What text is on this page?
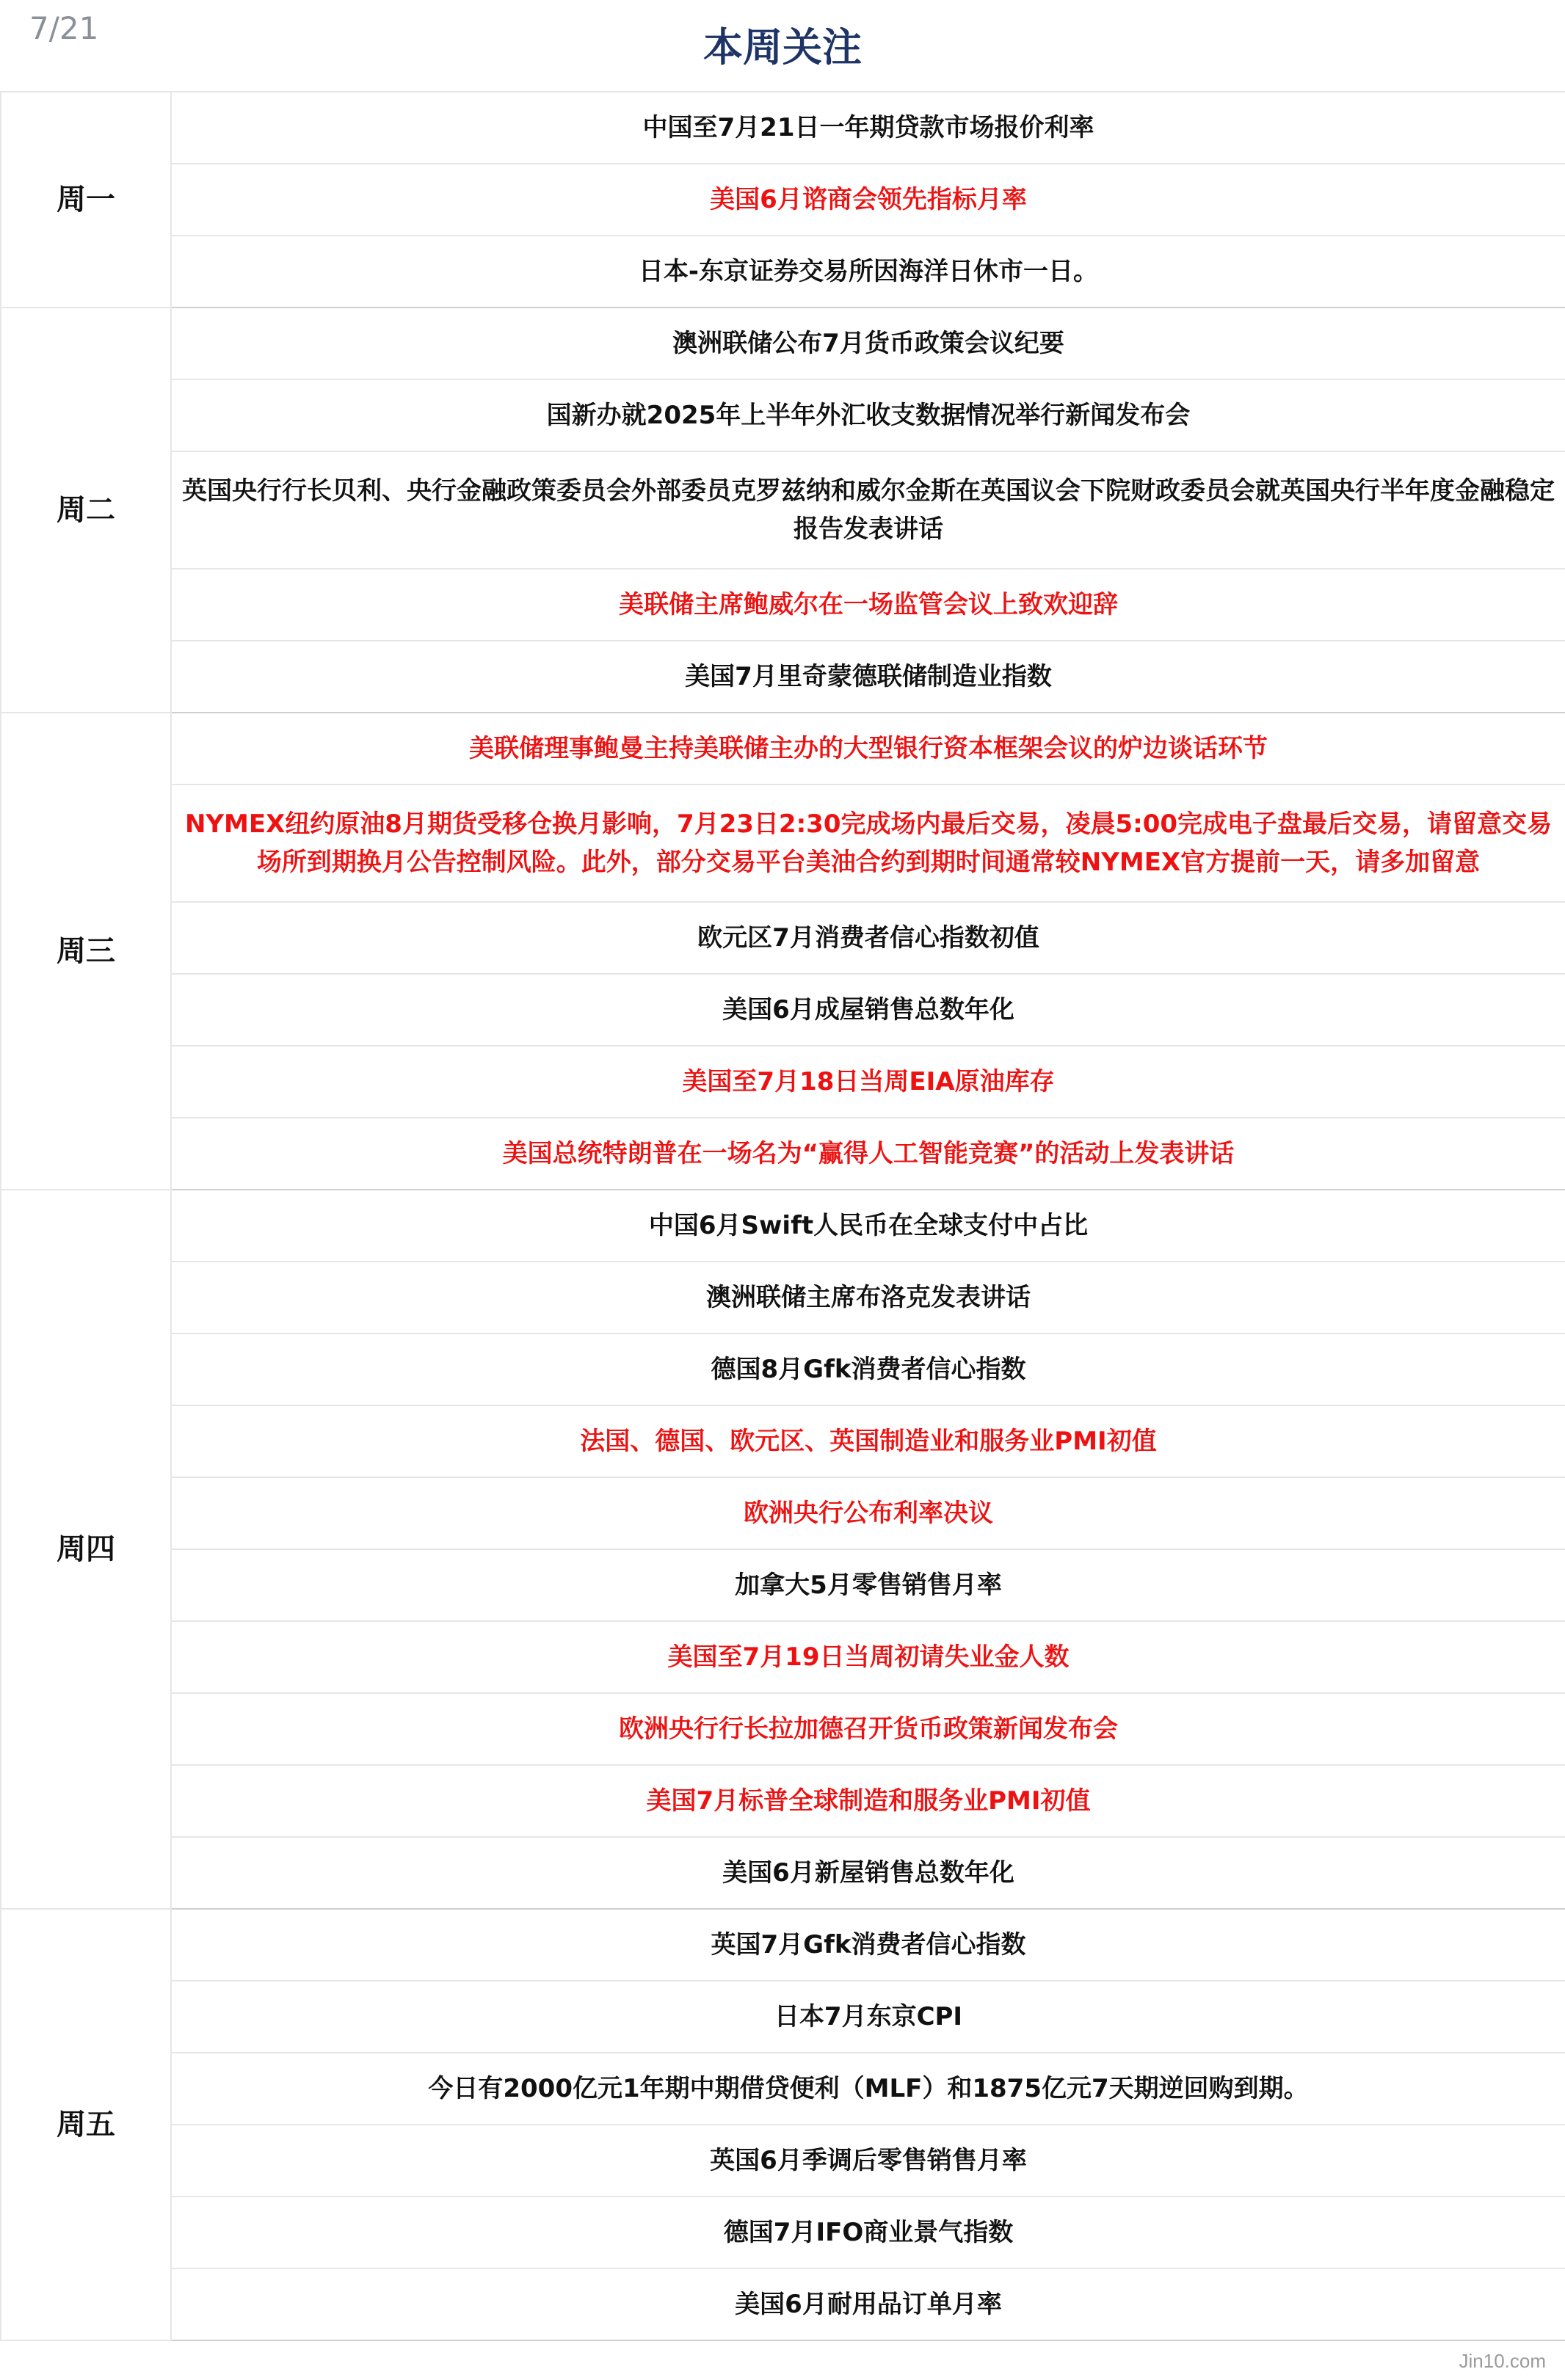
7/21	本周关注
周一	中国至7月21日一年期贷款市场报价利率
	美国6月谘商会领先指标月率
	日本-东京证券交易所因海洋日休市一日。
周二	澳洲联储公布7月货币政策会议纪要
	国新办就2025年上半年外汇收支数据情况举行新闻发布会
	英国央行行长贝利、央行金融政策委员会外部委员克罗兹纳和威尔金斯在英国议会下院财政委员会就英国央行半年度金融稳定报告发表讲话
	美联储主席鲍威尔在一场监管会议上致欢迎辞
	美国7月里奇蒙德联储制造业指数
周三	美联储理事鲍曼主持美联储主办的大型银行资本框架会议的炉边谈话环节
	NYMEX纽约原油8月期货受移仓换月影响，7月23日2:30完成场内最后交易，凌晨5:00完成电子盘最后交易，请留意交易场所到期换月公告控制风险。此外，部分交易平台美油合约到期时间通常较NYMEX官方提前一天，请多加留意
	欧元区7月消费者信心指数初值
	美国6月成屋销售总数年化
	美国至7月18日当周EIA原油库存
	美国总统特朗普在一场名为“赢得人工智能竞赛”的活动上发表讲话
周四	中国6月Swift人民币在全球支付中占比
	澳洲联储主席布洛克发表讲话
	德国8月Gfk消费者信心指数
	法国、德国、欧元区、英国制造业和服务业PMI初值
	欧洲央行公布利率决议
	加拿大5月零售销售月率
	美国至7月19日当周初请失业金人数
	欧洲央行行长拉加德召开货币政策新闻发布会
	美国7月标普全球制造和服务业PMI初值
	美国6月新屋销售总数年化
周五	英国7月Gfk消费者信心指数
	日本7月东京CPI
	今日有2000亿元1年期中期借贷便利（MLF）和1875亿元7天期逆回购到期。
	英国6月季调后零售销售月率
	德国7月IFO商业景气指数
	美国6月耐用品订单月率
Jin10.com
